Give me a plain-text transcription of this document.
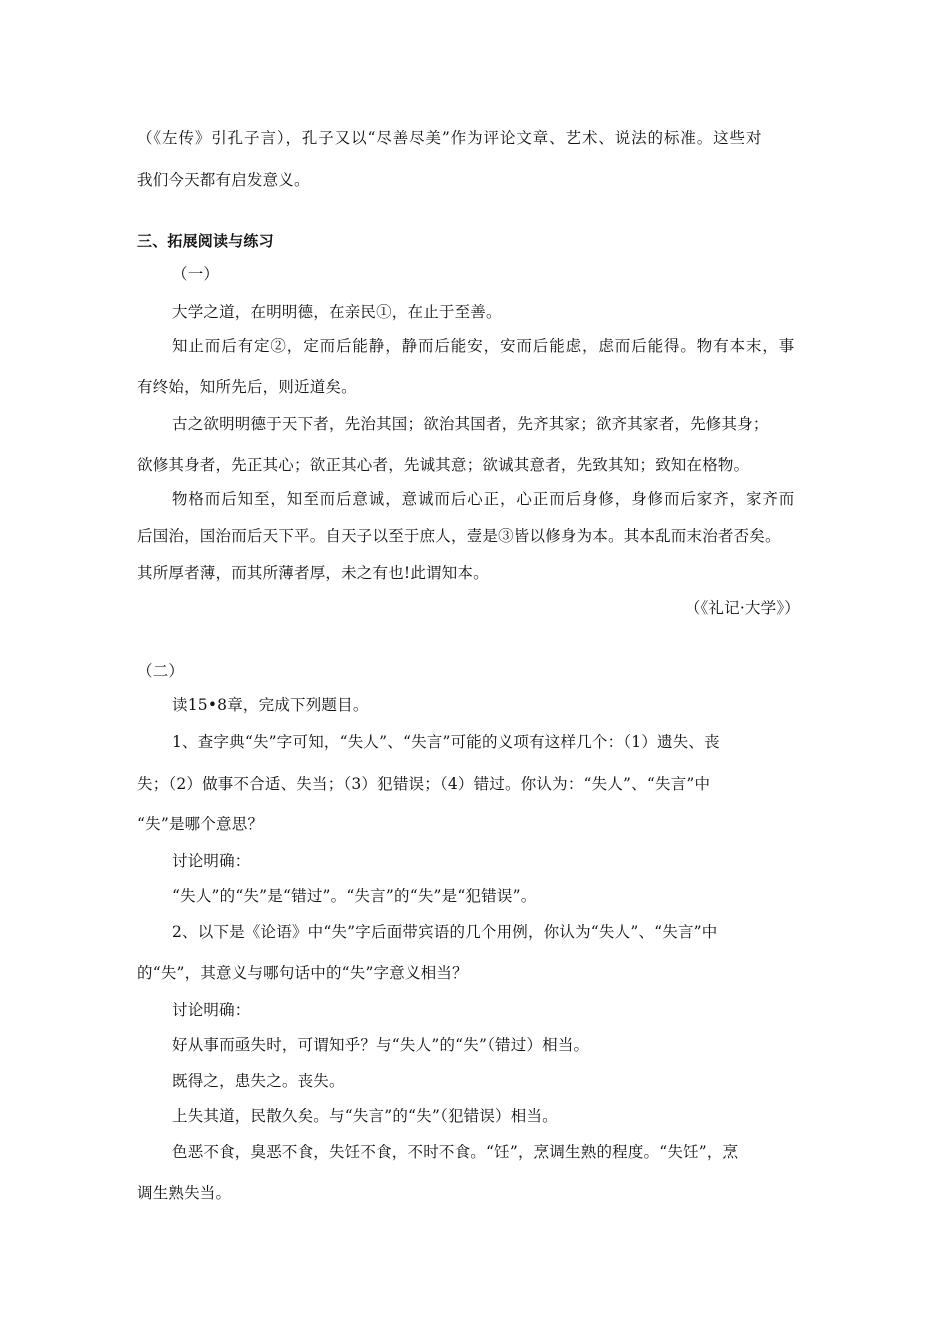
（《左传》引孔子言），孔子又以“尽善尽美”作为评论文章、艺术、说法的标准。这些对
我们今天都有启发意义。
三、拓展阅读与练习
（一）
大学之道，在明明德，在亲民①，在止于至善。
知止而后有定②，定而后能静，静而后能安，安而后能虑，虑而后能得。物有本末，事
有终始，知所先后，则近道矣。
古之欲明明德于天下者，先治其国；欲治其国者，先齐其家；欲齐其家者，先修其身；
欲修其身者，先正其心；欲正其心者，先诚其意；欲诚其意者，先致其知；致知在格物。
物格而后知至，知至而后意诚，意诚而后心正，心正而后身修，身修而后家齐，家齐而
后国治，国治而后天下平。自天子以至于庶人，壹是③皆以修身为本。其本乱而末治者否矣。
其所厚者薄，而其所薄者厚，未之有也!此谓知本。
（《礼记·大学》）
（二）
读15•8章，完成下列题目。
1、查字典“失”字可知，“失人”、“失言”可能的义项有这样几个：（1）遗失、丧
失；（2）做事不合适、失当；（3）犯错误；（4）错过。你认为：“失人”、“失言”中
“失”是哪个意思？
讨论明确：
“失人”的“失”是“错过”。“失言”的“失”是“犯错误”。
2、以下是《论语》中“失”字后面带宾语的几个用例，你认为“失人”、“失言”中
的“失”，其意义与哪句话中的“失”字意义相当？
讨论明确：
好从事而亟失时，可谓知乎？与“失人”的“失”（错过）相当。
既得之，患失之。丧失。
上失其道，民散久矣。与“失言”的“失”（犯错误）相当。
色恶不食，臭恶不食，失饪不食，不时不食。“饪”，烹调生熟的程度。“失饪”，烹
调生熟失当。
